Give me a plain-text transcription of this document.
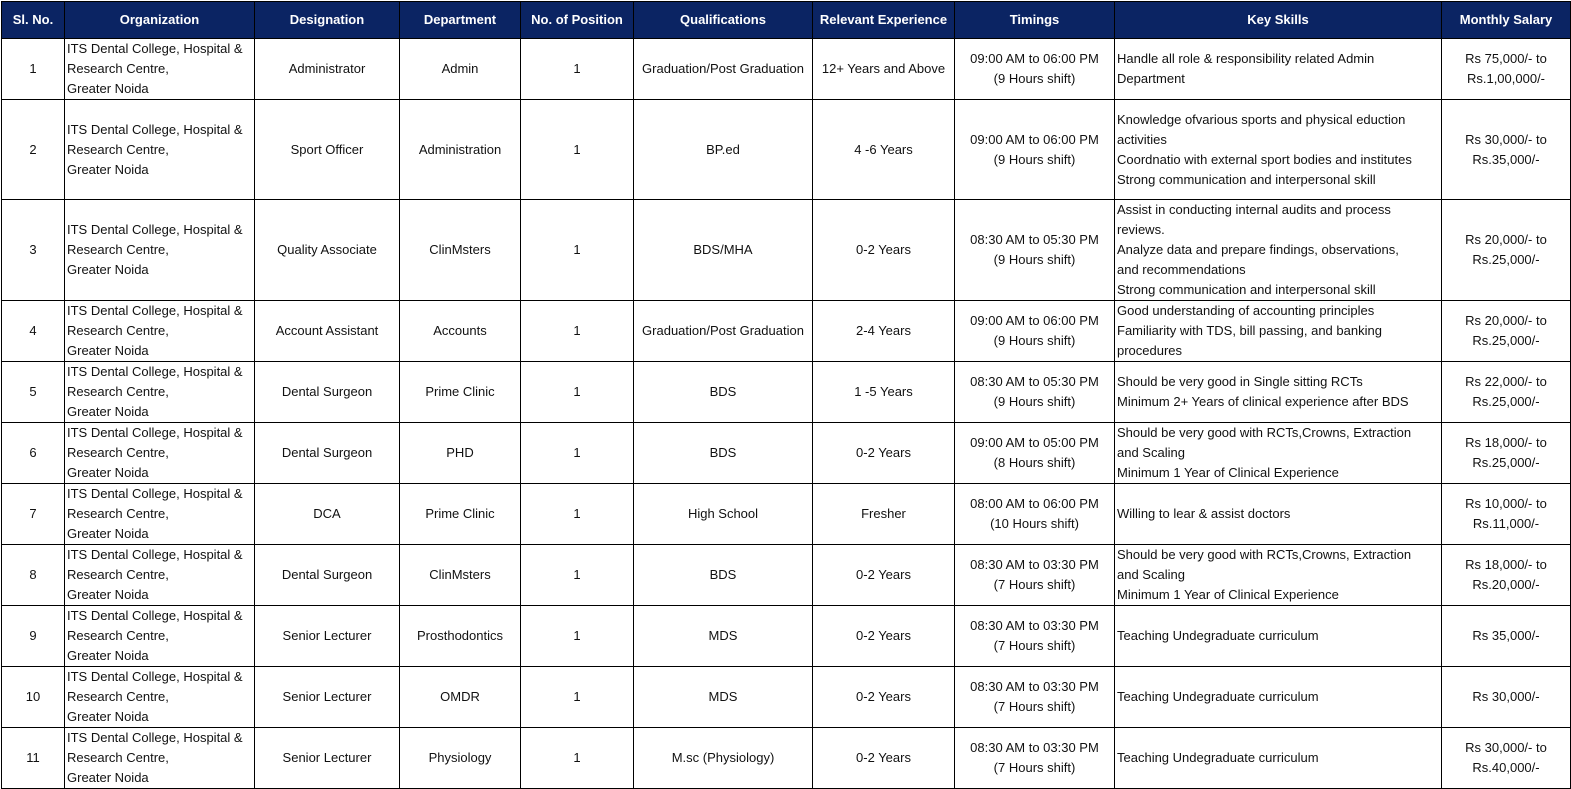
Sl. No.	Organization	Designation	Department	No. of Position	Qualifications	Relevant Experience	Timings	Key Skills	Monthly Salary
1	ITS Dental College, Hospital &
Research Centre,
Greater Noida	Administrator	Admin	1	Graduation/Post Graduation	12+ Years and Above	09:00 AM to 06:00 PM
(9 Hours shift)	Handle all role & responsibility related Admin
Department	Rs 75,000/- to
Rs.1,00,000/-
2	ITS Dental College, Hospital &
Research Centre,
Greater Noida	Sport Officer	Administration	1	BP.ed	4 -6 Years	09:00 AM to 06:00 PM
(9 Hours shift)	Knowledge ofvarious sports and physical eduction
activities
Coordnatio with external sport bodies and institutes
Strong communication and interpersonal skill	Rs 30,000/- to
Rs.35,000/-
3	ITS Dental College, Hospital &
Research Centre,
Greater Noida	Quality Associate	ClinMsters	1	BDS/MHA	0-2 Years	08:30 AM to 05:30 PM
(9 Hours shift)	Assist in conducting internal audits and process
reviews.
Analyze data and prepare findings, observations,
and recommendations
Strong communication and interpersonal skill	Rs 20,000/- to
Rs.25,000/-
4	ITS Dental College, Hospital &
Research Centre,
Greater Noida	Account Assistant	Accounts	1	Graduation/Post Graduation	2-4 Years	09:00 AM to 06:00 PM
(9 Hours shift)	Good understanding of accounting principles
Familiarity with TDS, bill passing, and banking
procedures	Rs 20,000/- to
Rs.25,000/-
5	ITS Dental College, Hospital &
Research Centre,
Greater Noida	Dental Surgeon	Prime Clinic	1	BDS	1 -5 Years	08:30 AM to 05:30 PM
(9 Hours shift)	Should be very good in Single sitting RCTs
Minimum 2+ Years of clinical experience after BDS	Rs 22,000/- to
Rs.25,000/-
6	ITS Dental College, Hospital &
Research Centre,
Greater Noida	Dental Surgeon	PHD	1	BDS	0-2 Years	09:00 AM to 05:00 PM
(8 Hours shift)	Should be very good with RCTs,Crowns, Extraction
and Scaling
Minimum 1 Year of Clinical Experience	Rs 18,000/- to
Rs.25,000/-
7	ITS Dental College, Hospital &
Research Centre,
Greater Noida	DCA	Prime Clinic	1	High School	Fresher	08:00 AM to 06:00 PM
(10 Hours shift)	Willing to lear & assist doctors	Rs 10,000/- to
Rs.11,000/-
8	ITS Dental College, Hospital &
Research Centre,
Greater Noida	Dental Surgeon	ClinMsters	1	BDS	0-2 Years	08:30 AM to 03:30 PM
(7 Hours shift)	Should be very good with RCTs,Crowns, Extraction
and Scaling
Minimum 1 Year of Clinical Experience	Rs 18,000/- to
Rs.20,000/-
9	ITS Dental College, Hospital &
Research Centre,
Greater Noida	Senior Lecturer	Prosthodontics	1	MDS	0-2 Years	08:30 AM to 03:30 PM
(7 Hours shift)	Teaching Undegraduate curriculum	Rs 35,000/-
10	ITS Dental College, Hospital &
Research Centre,
Greater Noida	Senior Lecturer	OMDR	1	MDS	0-2 Years	08:30 AM to 03:30 PM
(7 Hours shift)	Teaching Undegraduate curriculum	Rs 30,000/-
11	ITS Dental College, Hospital &
Research Centre,
Greater Noida	Senior Lecturer	Physiology	1	M.sc (Physiology)	0-2 Years	08:30 AM to 03:30 PM
(7 Hours shift)	Teaching Undegraduate curriculum	Rs 30,000/- to
Rs.40,000/-
